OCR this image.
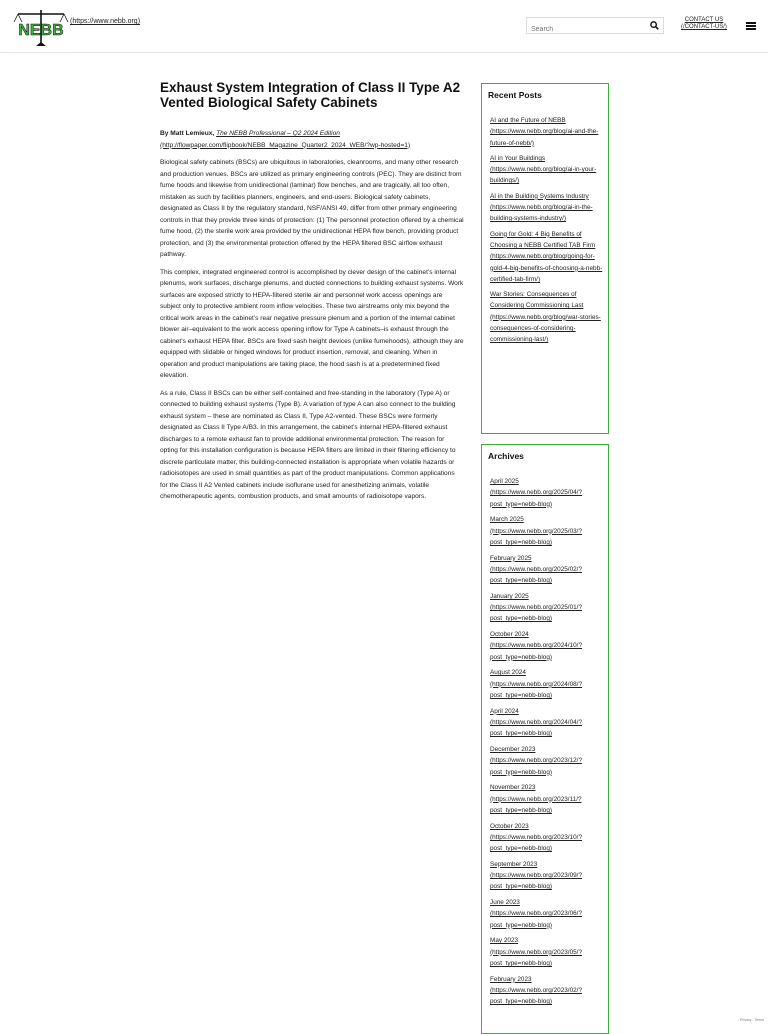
NEBB
(https://www.nebb.org)
Search	CONTACT US
(/CONTACT-US/)
Exhaust System Integration of Class II Type A2 Vented Biological Safety Cabinets

By Matt Lemieux, The NEBB Professional – Q2 2024 Edition
(http://flowpaper.com/flipbook/NEBB_Magazine_Quarter2_2024_WEB/?wp-hosted=1)

Biological safety cabinets (BSCs) are ubiquitous in laboratories, cleanrooms, and many other research and production venues. BSCs are utilized as primary engineering controls (PEC). They are distinct from fume hoods and likewise from unidirectional (laminar) flow benches, and are tragically, all too often, mistaken as such by facilities planners, engineers, and end-users. Biological safety cabinets, designated as Class II by the regulatory standard, NSF/ANSI 49, differ from other primary engineering controls in that they provide three kinds of protection: (1) The personnel protection offered by a chemical fume hood, (2) the sterile work area provided by the unidirectional HEPA flow bench, providing product protection, and (3) the environmental protection offered by the HEPA filtered BSC airflow exhaust pathway.

This complex, integrated engineered control is accomplished by clever design of the cabinet’s internal plenums, work surfaces, discharge plenums, and ducted connections to building exhaust systems. Work surfaces are exposed strictly to HEPA-filtered sterile air and personnel work access openings are subject only to protective ambient room inflow velocities. These two airstreams only mix beyond the critical work areas in the cabinet’s rear negative pressure plenum and a portion of the internal cabinet blower air–equivalent to the work access opening inflow for Type A cabinets–is exhaust through the cabinet’s exhaust HEPA filter. BSCs are fixed sash height devices (unlike fumehoods), although they are equipped with slidable or hinged windows for product insertion, removal, and cleaning. When in operation and product manipulations are taking place, the hood sash is at a predetermined fixed elevation.

As a rule, Class II BSCs can be either self-contained and free-standing in the laboratory (Type A) or connected to building exhaust systems (Type B). A variation of type A can also connect to the building exhaust system – these are nominated as Class II, Type A2-vented. These BSCs were formerly designated as Class II Type A/B3. In this arrangement, the cabinet’s internal HEPA-filtered exhaust discharges to a remote exhaust fan to provide additional environmental protection. The reason for opting for this installation configuration is because HEPA filters are limited in their filtering efficiency to discrete particulate matter, this building-connected installation is appropriate when volatile hazards or radioisotopes are used in small quantities as part of the product manipulations. Common applications for the Class II A2 Vented cabinets include isoflurane used for anesthetizing animals, volatile chemotherapeutic agents, combustion products, and small amounts of radioisotope vapors.

Recent Posts
AI and the Future of NEBB (https://www.nebb.org/blog/ai-and-the-future-of-nebb/)
AI in Your Buildings (https://www.nebb.org/blog/ai-in-your-buildings/)
AI in the Building Systems Industry (https://www.nebb.org/blog/ai-in-the-building-systems-industry/)
Going for Gold: 4 Big Benefits of Choosing a NEBB Certified TAB Firm (https://www.nebb.org/blog/going-for-gold-4-big-benefits-of-choosing-a-nebb-certified-tab-firm/)
War Stories: Consequences of Considering Commissioning Last (https://www.nebb.org/blog/war-stories-consequences-of-considering-commissioning-last/)
Archives
April 2025 (https://www.nebb.org/2025/04/?post_type=nebb-blog)
March 2025 (https://www.nebb.org/2025/03/?post_type=nebb-blog)
February 2025 (https://www.nebb.org/2025/02/?post_type=nebb-blog)
January 2025 (https://www.nebb.org/2025/01/?post_type=nebb-blog)
October 2024 (https://www.nebb.org/2024/10/?post_type=nebb-blog)
August 2024 (https://www.nebb.org/2024/08/?post_type=nebb-blog)
April 2024 (https://www.nebb.org/2024/04/?post_type=nebb-blog)
December 2023 (https://www.nebb.org/2023/12/?post_type=nebb-blog)
November 2023 (https://www.nebb.org/2023/11/?post_type=nebb-blog)
October 2023 (https://www.nebb.org/2023/10/?post_type=nebb-blog)
September 2023 (https://www.nebb.org/2023/09/?post_type=nebb-blog)
June 2023 (https://www.nebb.org/2023/06/?post_type=nebb-blog)
May 2023 (https://www.nebb.org/2023/05/?post_type=nebb-blog)
February 2023 (https://www.nebb.org/2023/02/?post_type=nebb-blog)
Privacy - Terms
